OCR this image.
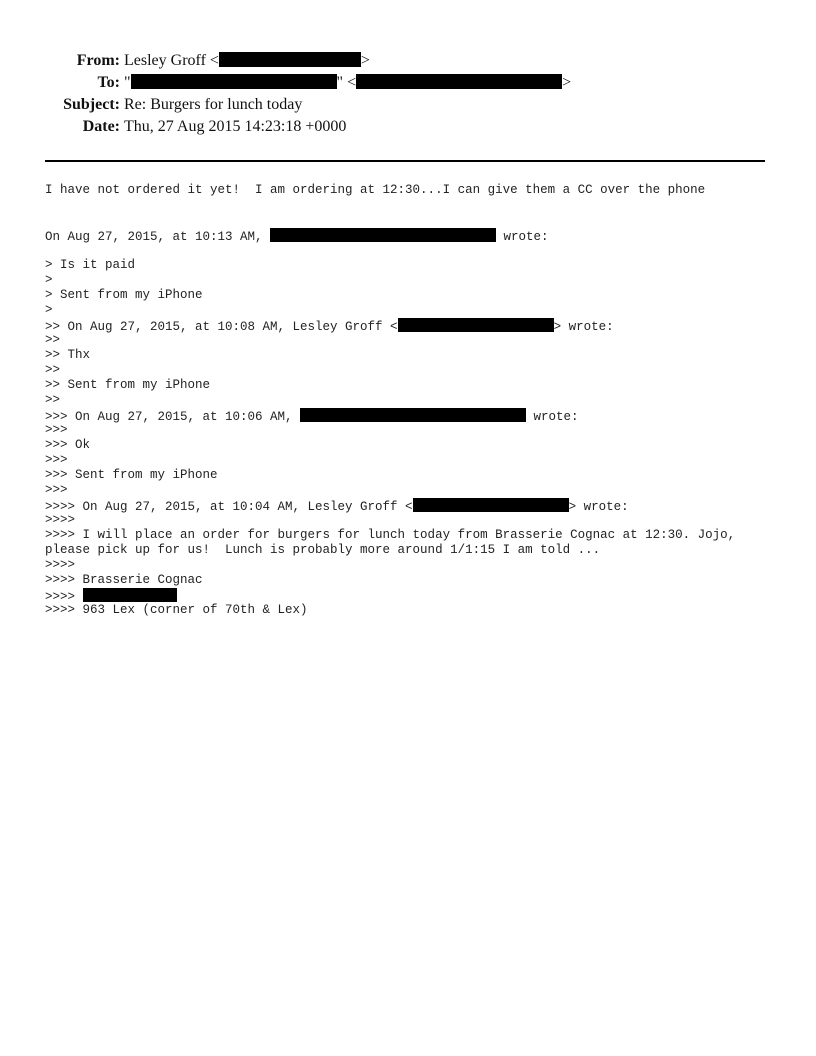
From: Lesley Groff <	>
To: "	" <	>
Subject: Re: Burgers for lunch today
Date: Thu, 27 Aug 2015 14:23:18 +0000
I have not ordered it yet!  I am ordering at 12:30...I can give them a CC over the phone
On Aug 27, 2015, at 10:13 AM,	wrote:
> Is it paid
>
> Sent from my iPhone
>
>> On Aug 27, 2015, at 10:08 AM, Lesley Groff <	> wrote:
>>
>> Thx
>>
>> Sent from my iPhone
>>
>>> On Aug 27, 2015, at 10:06 AM,	wrote:
>>>
>>> Ok
>>>
>>> Sent from my iPhone
>>>
>>>> On Aug 27, 2015, at 10:04 AM, Lesley Groff <	> wrote:
>>>>
>>>> I will place an order for burgers for lunch today from Brasserie Cognac at 12:30. Jojo,
please pick up for us!  Lunch is probably more around 1/1:15 I am told ...
>>>>
>>>> Brasserie Cognac
>>>>
>>>> 963 Lex (corner of 70th & Lex)
